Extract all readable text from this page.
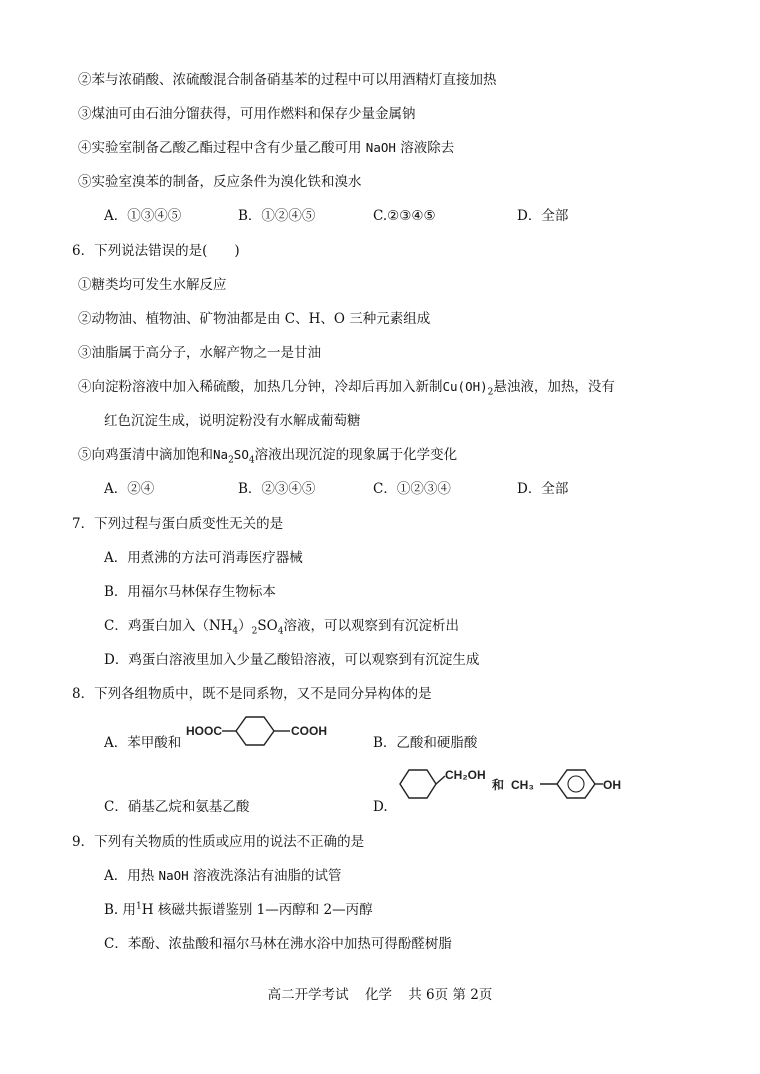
②苯与浓硝酸、浓硫酸混合制备硝基苯的过程中可以用酒精灯直接加热
③煤油可由石油分馏获得，可用作燃料和保存少量金属钠
④实验室制备乙酸乙酯过程中含有少量乙酸可用 NaOH 溶液除去
⑤实验室溴苯的制备，反应条件为溴化铁和溴水
A．①③④⑤	B．①②④⑤	C.②③④⑤	D．全部
6．下列说法错误的是(　　)
①糖类均可发生水解反应
②动物油、植物油、矿物油都是由 C、H、O 三种元素组成
③油脂属于高分子，水解产物之一是甘油
④向淀粉溶液中加入稀硫酸，加热几分钟，冷却后再加入新制$Cu(OH)_2$悬浊液，加热，没有
红色沉淀生成，说明淀粉没有水解成葡萄糖
⑤向鸡蛋清中滴加饱和$Na_2SO_4$溶液出现沉淀的现象属于化学变化
A．②④	B．②③④⑤	C．①②③④	D．全部
7．下列过程与蛋白质变性无关的是
A．用煮沸的方法可消毒医疗器械
B．用福尔马林保存生物标本
C．鸡蛋白加入$(NH_4)_2SO_4$溶液，可以观察到有沉淀析出
D．鸡蛋白溶液里加入少量乙酸铅溶液，可以观察到有沉淀生成
8．下列各组物质中，既不是同系物，又不是同分异构体的是
A．苯甲酸和
HOOC	COOH
B．乙酸和硬脂酸
C．硝基乙烷和氨基乙酸	D.
CH₂OH
和 CH₃	OH
9．下列有关物质的性质或应用的说法不正确的是
A．用热 NaOH 溶液洗涤沾有油脂的试管
B. 用$^1$H 核磁共振谱鉴别 1—丙醇和 2—丙醇
C．苯酚、浓盐酸和福尔马林在沸水浴中加热可得酚醛树脂
高二开学考试 化学 共 6页 第 2页
